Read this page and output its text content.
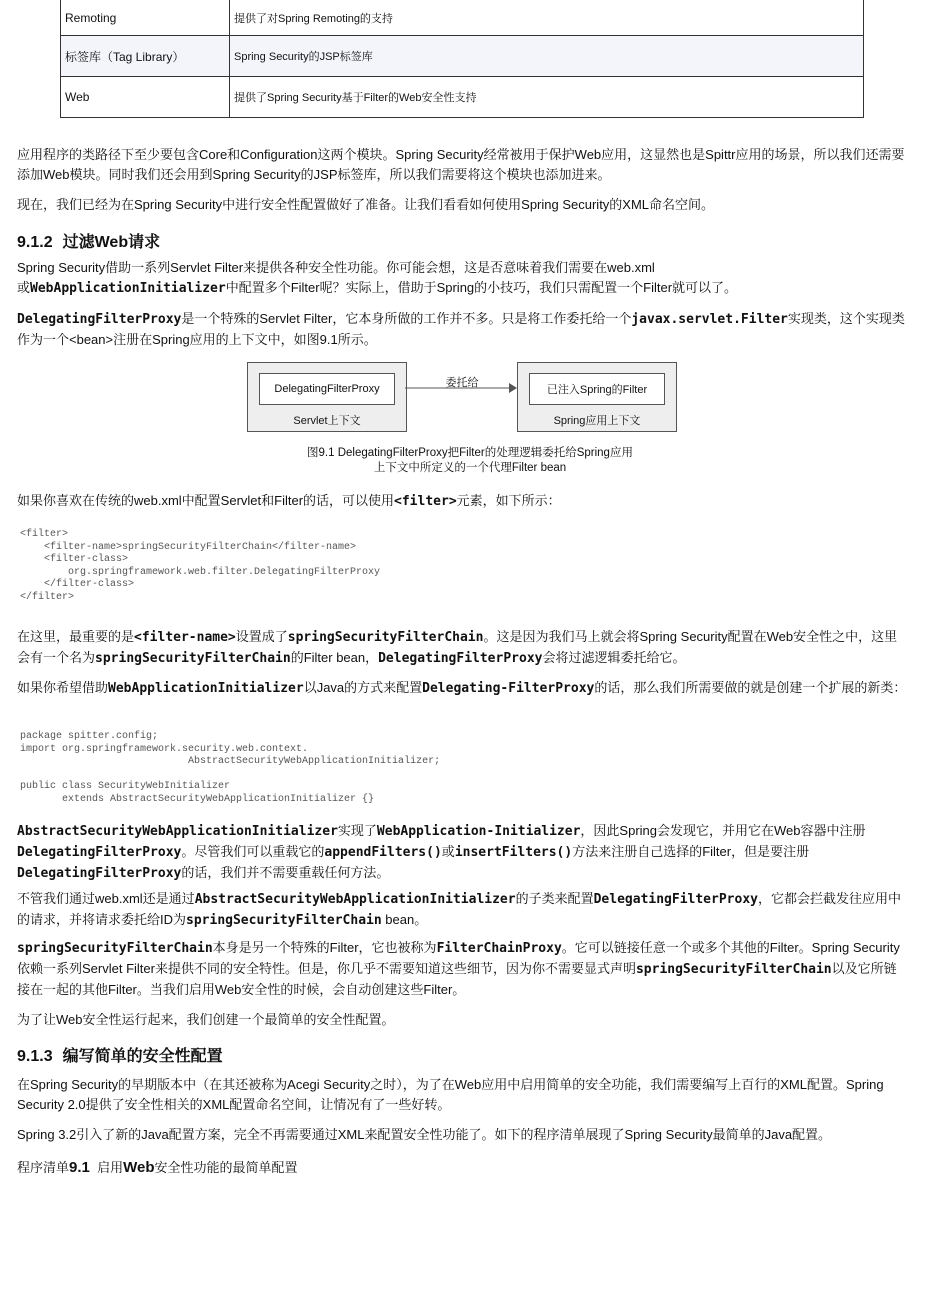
Remoting	提供了对Spring Remoting的支持
标签库（Tag Library）	Spring Security的JSP标签库
Web	提供了Spring Security基于Filter的Web安全性支持

应用程序的类路径下至少要包含Core和Configuration这两个模块。Spring Security经常被用于保护Web应用，这显然也是Spittr应用的场景，所以我们还需要添加Web模块。同时我们还会用到Spring Security的JSP标签库，所以我们需要将这个模块也添加进来。

现在，我们已经为在Spring Security中进行安全性配置做好了准备。让我们看看如何使用Spring Security的XML命名空间。

9.1.2 过滤Web请求

Spring Security借助一系列Servlet Filter来提供各种安全性功能。你可能会想，这是否意味着我们需要在web.xml
或WebApplicationInitializer中配置多个Filter呢？实际上，借助于Spring的小技巧，我们只需配置一个Filter就可以了。

DelegatingFilterProxy是一个特殊的Servlet Filter，它本身所做的工作并不多。只是将工作委托给一个javax.servlet.Filter实现类，这个实现类作为一个<bean>注册在Spring应用的上下文中，如图9.1所示。

DelegatingFilterProxy
Servlet上下文
委托给
已注入Spring的Filter
Spring应用上下文
图9.1 DelegatingFilterProxy把Filter的处理逻辑委托给Spring应用
上下文中所定义的一个代理Filter bean

如果你喜欢在传统的web.xml中配置Servlet和Filter的话，可以使用<filter>元素，如下所示：

<filter>
<filter-name>springSecurityFilterChain</filter-name>
<filter-class>
org.springframework.web.filter.DelegatingFilterProxy
</filter-class>
</filter>

在这里，最重要的是<filter-name>设置成了springSecurityFilterChain。这是因为我们马上就会将Spring Security配置在Web安全性之中，这里会有一个名为springSecurityFilterChain的Filter bean，DelegatingFilterProxy会将过滤逻辑委托给它。

如果你希望借助WebApplicationInitializer以Java的方式来配置Delegating-FilterProxy的话，那么我们所需要做的就是创建一个扩展的新类：

package spitter.config;
import org.springframework.security.web.context.
AbstractSecurityWebApplicationInitializer;

public class SecurityWebInitializer
extends AbstractSecurityWebApplicationInitializer {}

AbstractSecurityWebApplicationInitializer实现了WebApplication-Initializer，因此Spring会发现它，并用它在Web容器中注册DelegatingFilterProxy。尽管我们可以重载它的appendFilters()或insertFilters()方法来注册自己选择的Filter，但是要注册DelegatingFilterProxy的话，我们并不需要重载任何方法。

不管我们通过web.xml还是通过AbstractSecurityWebApplicationInitializer的子类来配置DelegatingFilterProxy，它都会拦截发往应用中的请求，并将请求委托给ID为springSecurityFilterChain bean。

springSecurityFilterChain本身是另一个特殊的Filter，它也被称为FilterChainProxy。它可以链接任意一个或多个其他的Filter。Spring Security依赖一系列Servlet Filter来提供不同的安全特性。但是，你几乎不需要知道这些细节，因为你不需要显式声明springSecurityFilterChain以及它所链接在一起的其他Filter。当我们启用Web安全性的时候，会自动创建这些Filter。

为了让Web安全性运行起来，我们创建一个最简单的安全性配置。

9.1.3 编写简单的安全性配置

在Spring Security的早期版本中（在其还被称为Acegi Security之时），为了在Web应用中启用简单的安全功能，我们需要编写上百行的XML配置。Spring Security 2.0提供了安全性相关的XML配置命名空间，让情况有了一些好转。

Spring 3.2引入了新的Java配置方案，完全不再需要通过XML来配置安全性功能了。如下的程序清单展现了Spring Security最简单的Java配置。

程序清单9.1 启用Web安全性功能的最简单配置
